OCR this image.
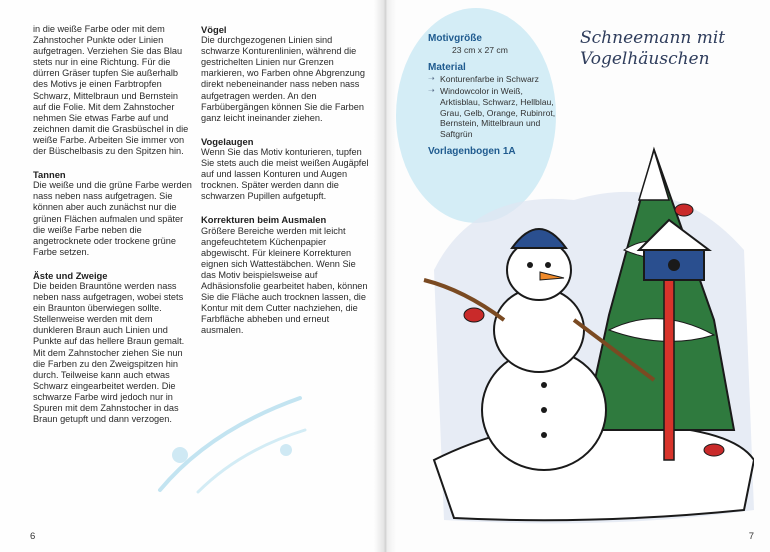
in die weiße Farbe oder mit dem Zahnstocher Punkte oder Linien aufgetragen. Verziehen Sie das Blau stets nur in eine Richtung. Für die dürren Gräser tupfen Sie außerhalb des Motivs je einen Farbtropfen Schwarz, Mittelbraun und Bernstein auf die Folie. Mit dem Zahnstocher nehmen Sie etwas Farbe auf und zeichnen damit die Grasbüschel in die weiße Farbe. Arbeiten Sie immer von der Büschelbasis zu den Spitzen hin.

Tannen

Die weiße und die grüne Farbe werden nass neben nass aufgetragen. Sie können aber auch zunächst nur die grünen Flächen aufmalen und später die weiße Farbe neben die angetrocknete oder trockene grüne Farbe setzen.

Äste und Zweige

Die beiden Brauntöne werden nass neben nass aufgetragen, wobei stets ein Braunton überwiegen sollte. Stellenweise werden mit dem dunkleren Braun auch Linien und Punkte auf das hellere Braun gemalt. Mit dem Zahnstocher ziehen Sie nun die Farben zu den Zweigspitzen hin durch. Teilweise kann auch etwas Schwarz eingearbeitet werden. Die schwarze Farbe wird jedoch nur in Spuren mit dem Zahnstocher in das Braun getupft und dann verzogen.

Vögel

Die durchgezogenen Linien sind schwarze Konturenlinien, während die gestrichelten Linien nur Grenzen markieren, wo Farben ohne Abgrenzung direkt nebeneinander nass neben nass aufgetragen werden. An den Farbübergängen können Sie die Farben ganz leicht ineinander ziehen.

Vogelaugen

Wenn Sie das Motiv konturieren, tupfen Sie stets auch die meist weißen Augäpfel auf und lassen Konturen und Augen trocknen. Später werden dann die schwarzen Pupillen aufgetupft.

Korrekturen beim Ausmalen

Größere Bereiche werden mit leicht angefeuchtetem Küchenpapier abgewischt. Für kleinere Korrekturen eignen sich Wattestäbchen. Wenn Sie das Motiv beispielsweise auf Adhäsionsfolie gearbeitet haben, können Sie die Fläche auch trocknen lassen, die Kontur mit dem Cutter nachziehen, die Farbfläche abheben und erneut ausmalen.

6
Motivgröße
23 cm x 27 cm
Material
➝ Konturenfarbe in Schwarz
➝ Windowcolor in Weiß, Arktisblau, Schwarz, Hellblau, Grau, Gelb, Orange, Rubinrot, Bernstein, Mittelbraun und Saftgrün
Vorlagenbogen 1A
Schneemann mit Vogelhäuschen
7
